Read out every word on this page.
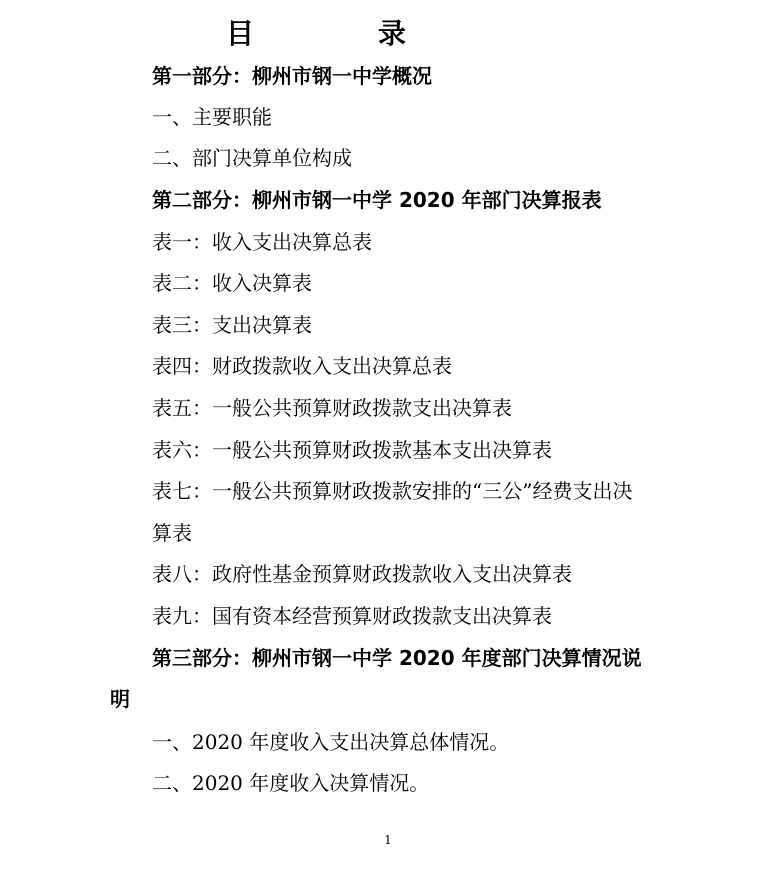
目　录
第一部分：柳州市钢一中学概况
一、主要职能
二、部门决算单位构成
第二部分：柳州市钢一中学 2020 年部门决算报表
表一：收入支出决算总表
表二：收入决算表
表三：支出决算表
表四：财政拨款收入支出决算总表
表五：一般公共预算财政拨款支出决算表
表六：一般公共预算财政拨款基本支出决算表
表七：一般公共预算财政拨款安排的“三公”经费支出决
算表
表八：政府性基金预算财政拨款收入支出决算表
表九：国有资本经营预算财政拨款支出决算表
第三部分：柳州市钢一中学 2020 年度部门决算情况说
明
一、2020 年度收入支出决算总体情况。
二、2020 年度收入决算情况。
1
